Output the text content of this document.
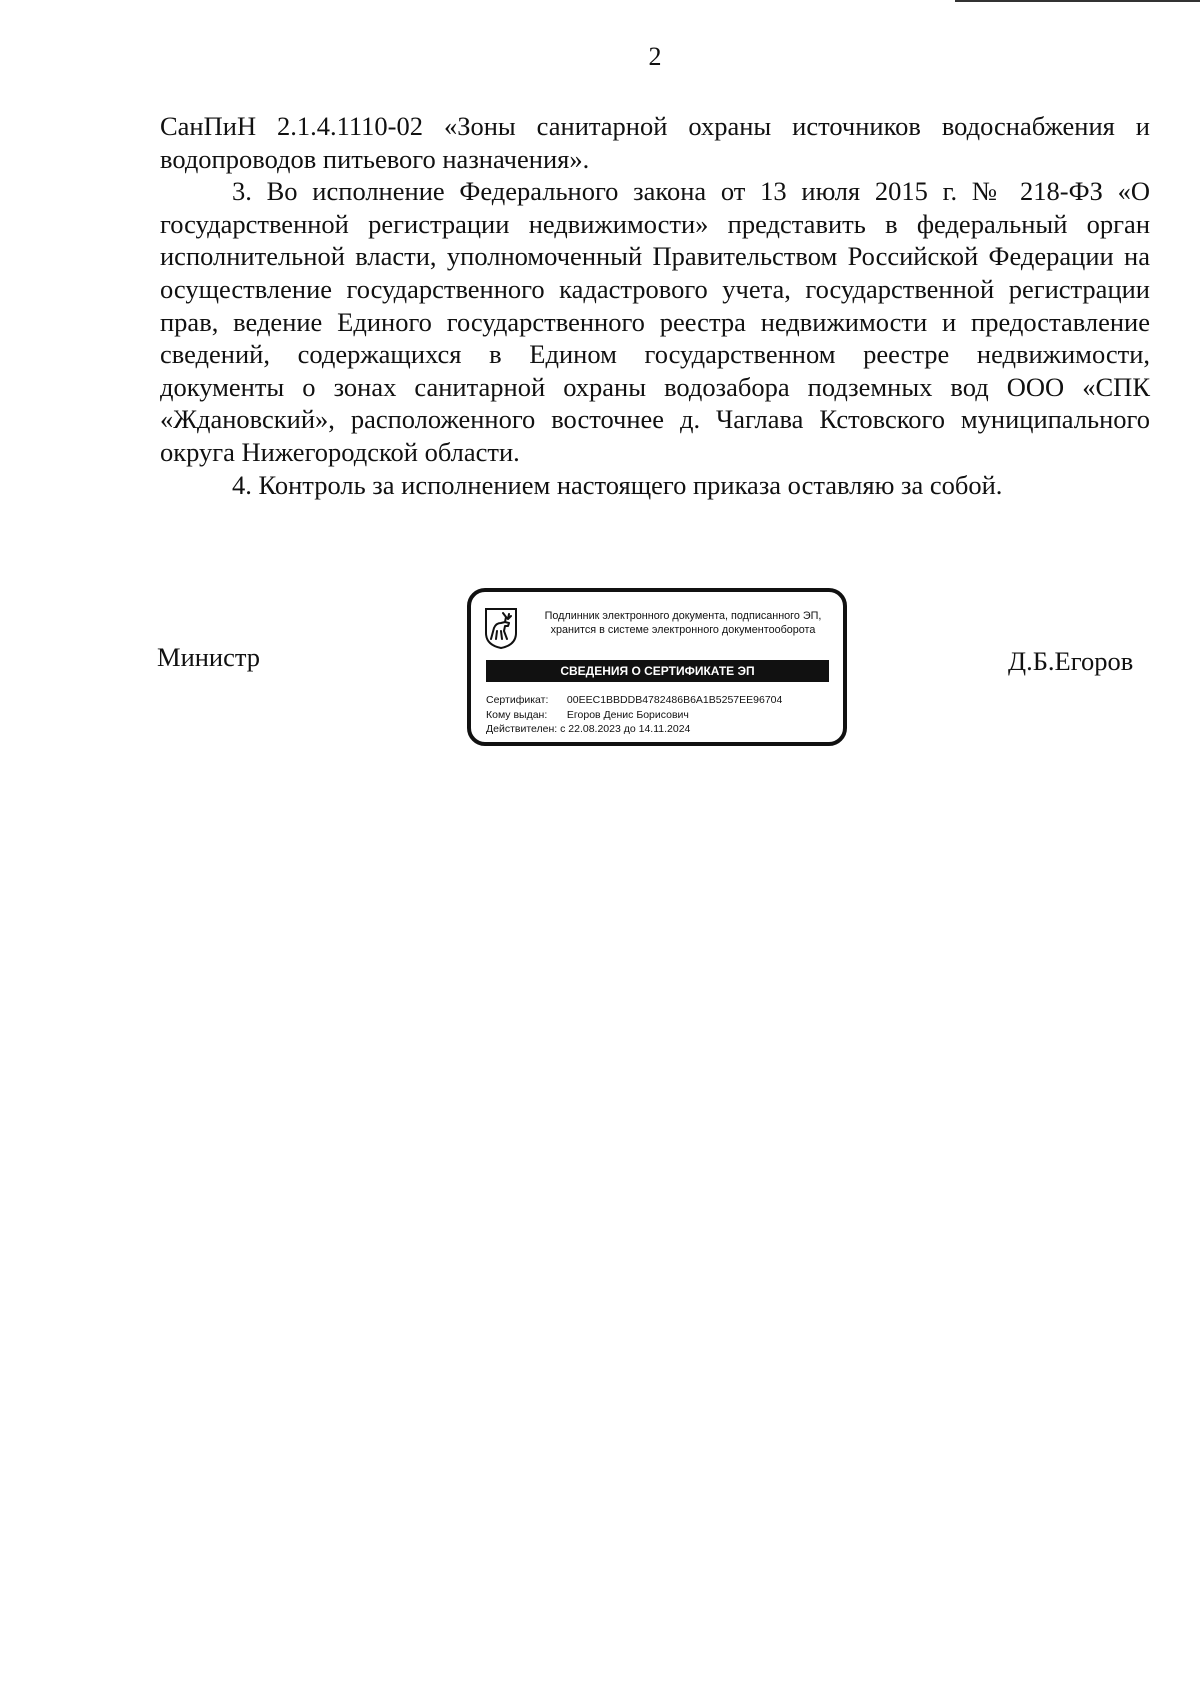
2

СанПиН 2.1.4.1110-02 «Зоны санитарной охраны источников водоснабжения и водопроводов питьевого назначения».

3. Во исполнение Федерального закона от 13 июля 2015 г. № 218-ФЗ «О государственной регистрации недвижимости» представить в федеральный орган исполнительной власти, уполномоченный Правительством Российской Федерации на осуществление государственного кадастрового учета, государственной регистрации прав, ведение Единого государственного реестра недвижимости и предоставление сведений, содержащихся в Едином государственном реестре недвижимости, документы о зонах санитарной охраны водозабора подземных вод ООО «СПК «Ждановский», расположенного восточнее д. Чаглава Кстовского муниципального округа Нижегородской области.

4. Контроль за исполнением настоящего приказа оставляю за собой.

Министр
Подлинник электронного документа, подписанного ЭП,
хранится в системе электронного документооборота
СВЕДЕНИЯ О СЕРТИФИКАТЕ ЭП
Сертификат: 00EEC1BBDDB4782486B6A1B5257EE96704
Кому выдан: Егоров Денис Борисович
Действителен: с 22.08.2023 до 14.11.2024
Д.Б.Егоров
